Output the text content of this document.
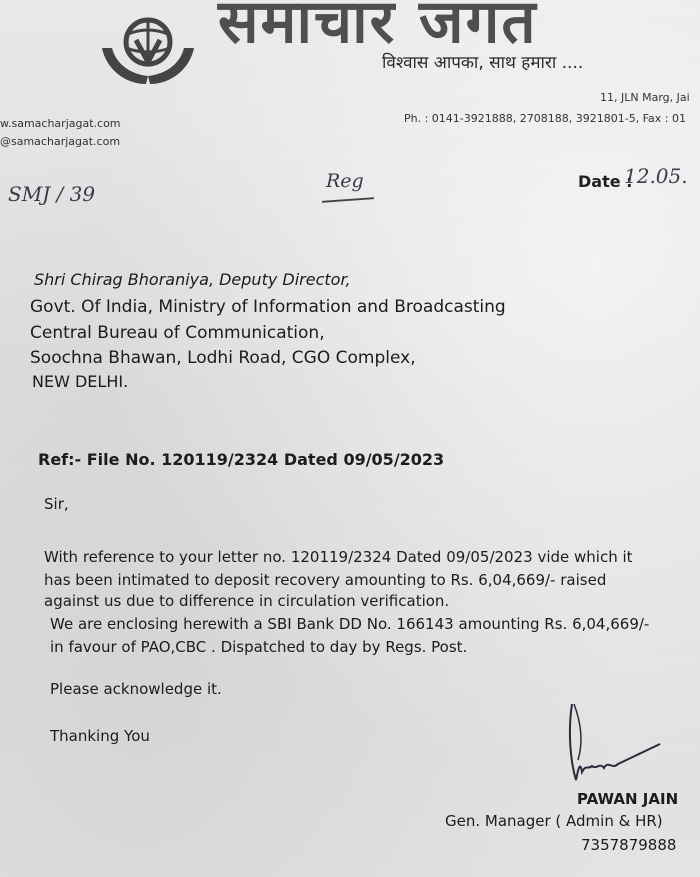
समाचार जगत
विश्वास आपका, साथ हमारा ....
11, JLN Marg, Jai
w.samacharjagat.com
@samacharjagat.com
Ph. : 0141-3921888, 2708188, 3921801-5, Fax : 01
SMJ / 39
Reg	Date :
12.05.
Shri Chirag Bhoraniya, Deputy Director,
Govt. Of India, Ministry of Information and Broadcasting
Central Bureau of Communication,
Soochna Bhawan, Lodhi Road, CGO Complex,
NEW DELHI.
Ref:- File No. 120119/2324 Dated 09/05/2023
Sir,
With reference to your letter no. 120119/2324 Dated 09/05/2023 vide which it
has been intimated to deposit recovery amounting to Rs. 6,04,669/- raised
against us due to difference in circulation verification.
We are enclosing herewith a SBI Bank DD No. 166143 amounting Rs. 6,04,669/-
in favour of PAO,CBC . Dispatched to day by Regs. Post.
Please acknowledge it.
Thanking You
PAWAN JAIN
Gen. Manager ( Admin & HR)
7357879888
